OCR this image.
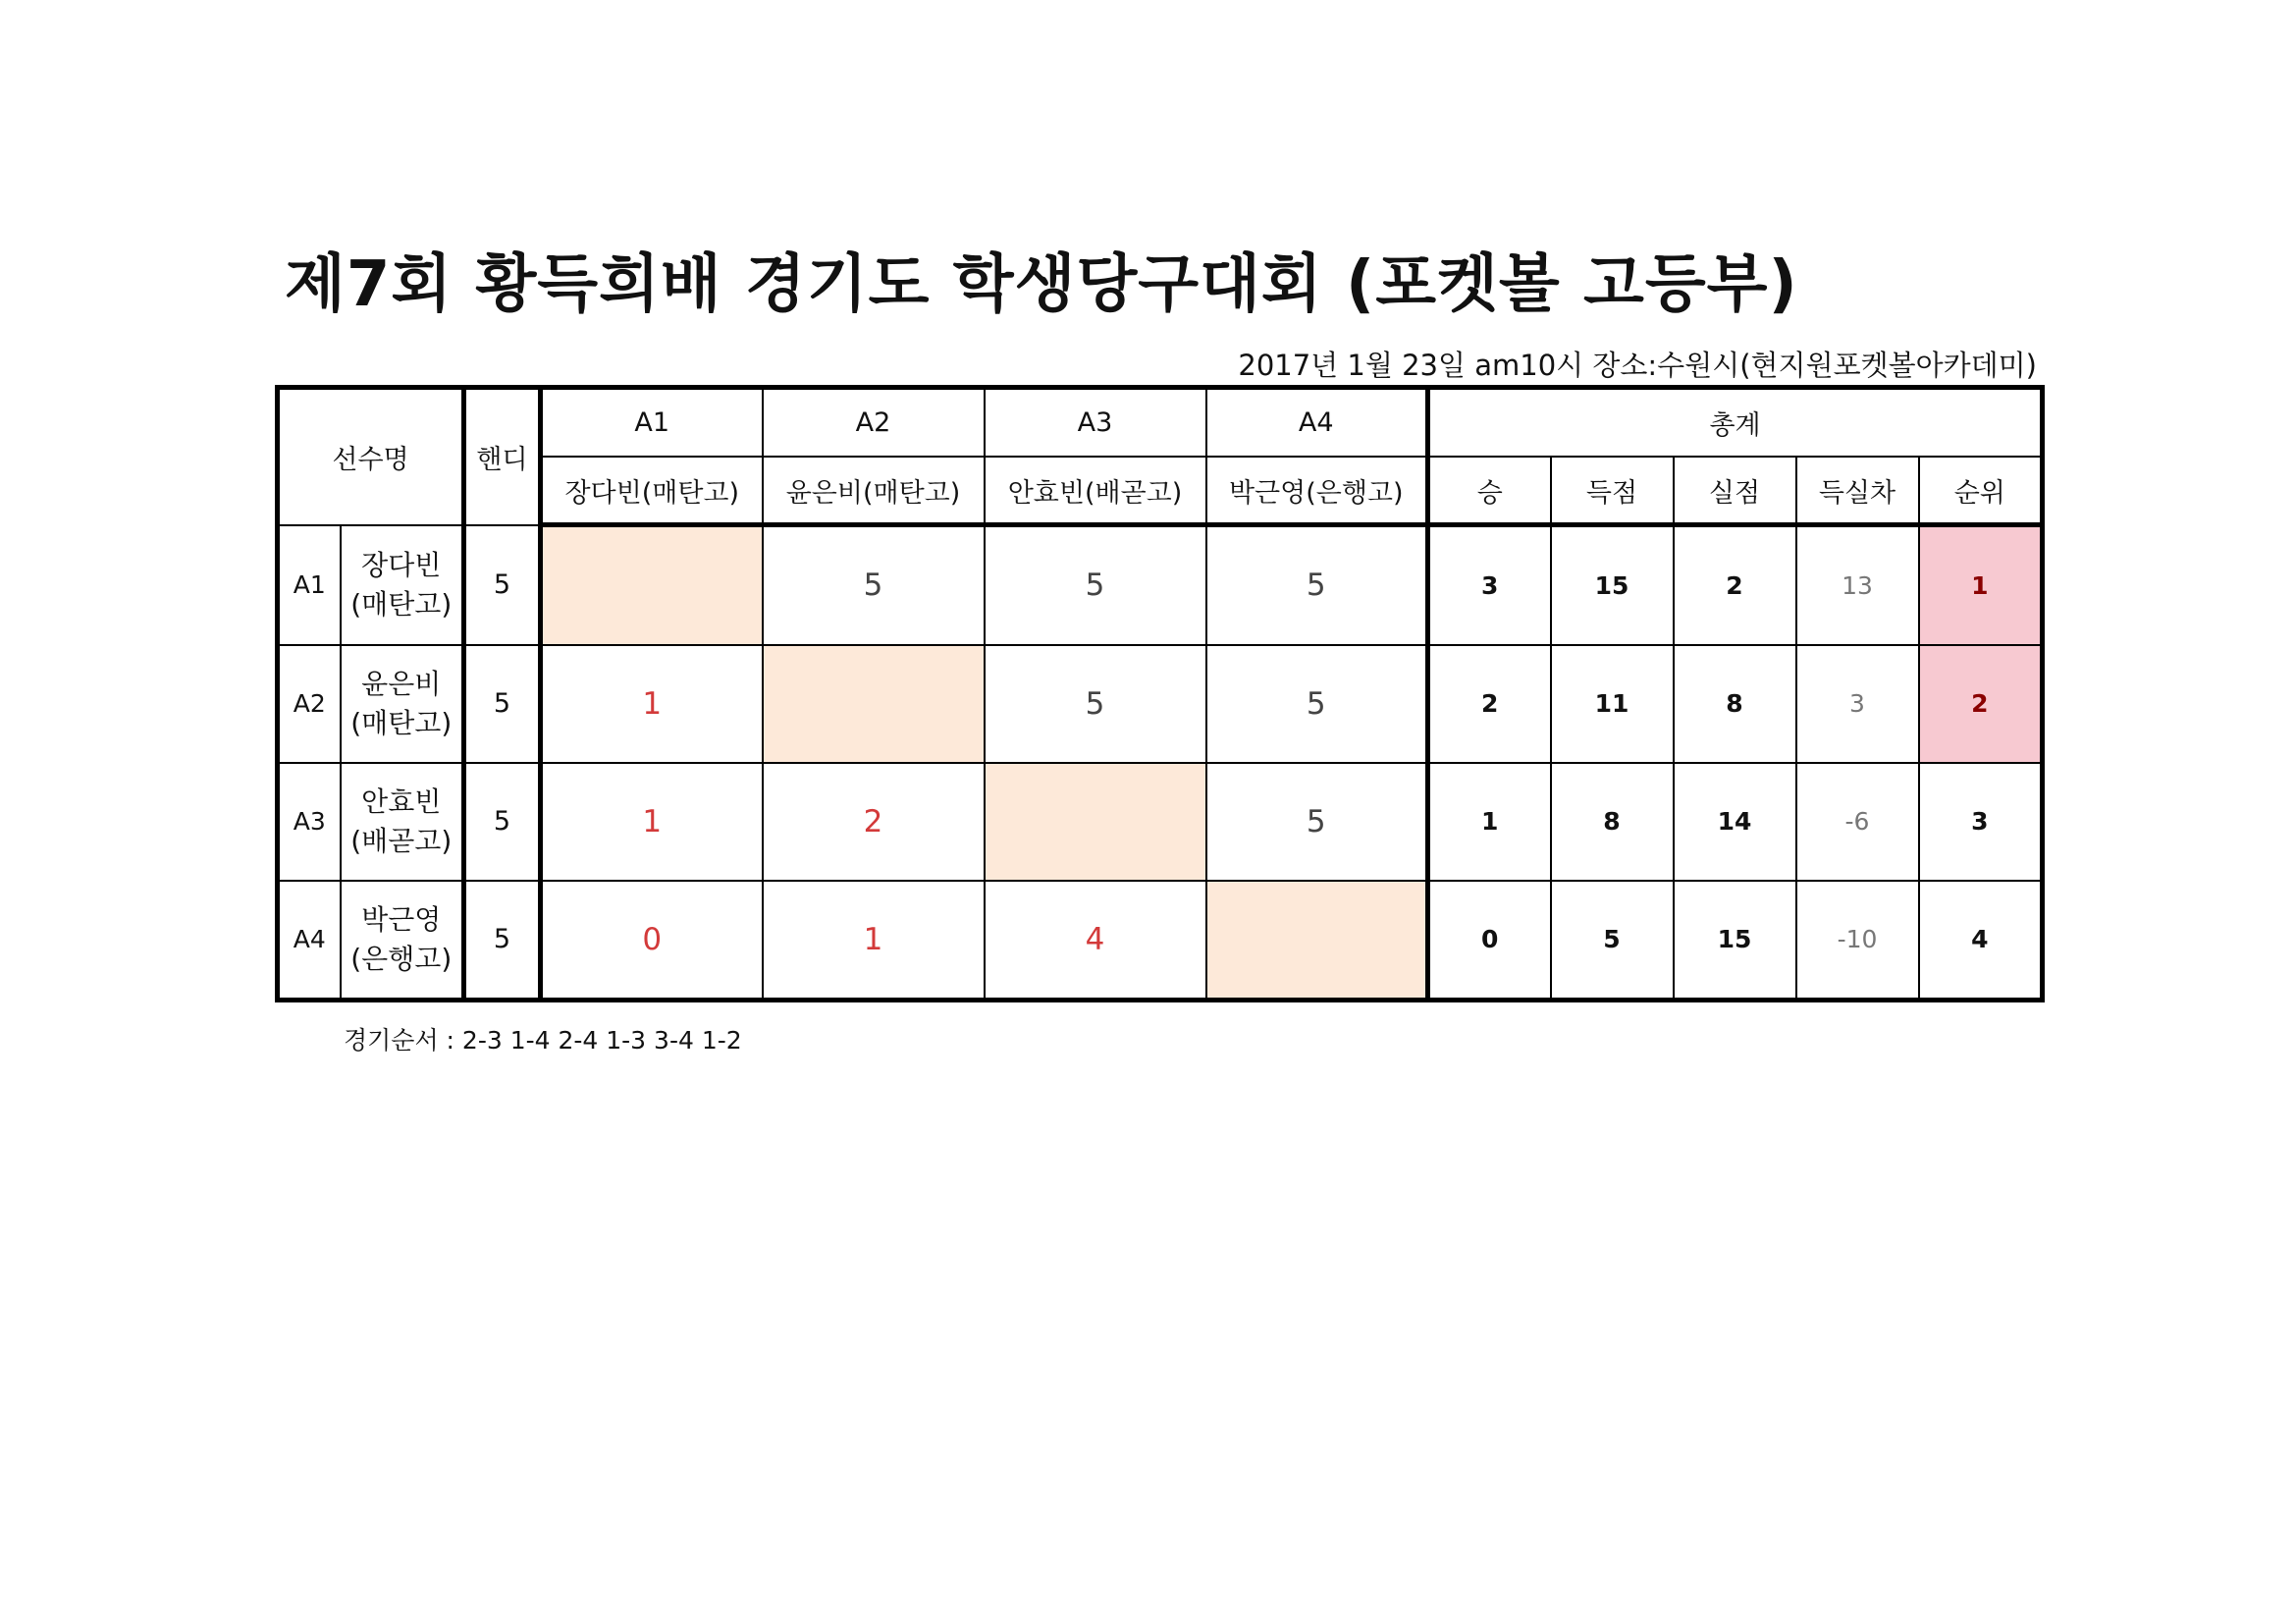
제7회 황득희배 경기도 학생당구대회 (포켓볼 고등부)
2017년 1월 23일 am10시 장소:수원시(현지원포켓볼아카데미)
선수명		핸디	A1	A2	A3	A4	총계				
			장다빈(매탄고)	윤은비(매탄고)	안효빈(배곧고)	박근영(은행고)	승	득점	실점	득실차	순위
A1	장다빈
(매탄고)	5		5	5	5	3	15	2	13	1
A2	윤은비
(매탄고)	5	1		5	5	2	11	8	3	2
A3	안효빈
(배곧고)	5	1	2		5	1	8	14	-6	3
A4	박근영
(은행고)	5	0	1	4		0	5	15	-10	4
경기순서 : 2-3 1-4 2-4 1-3 3-4 1-2
